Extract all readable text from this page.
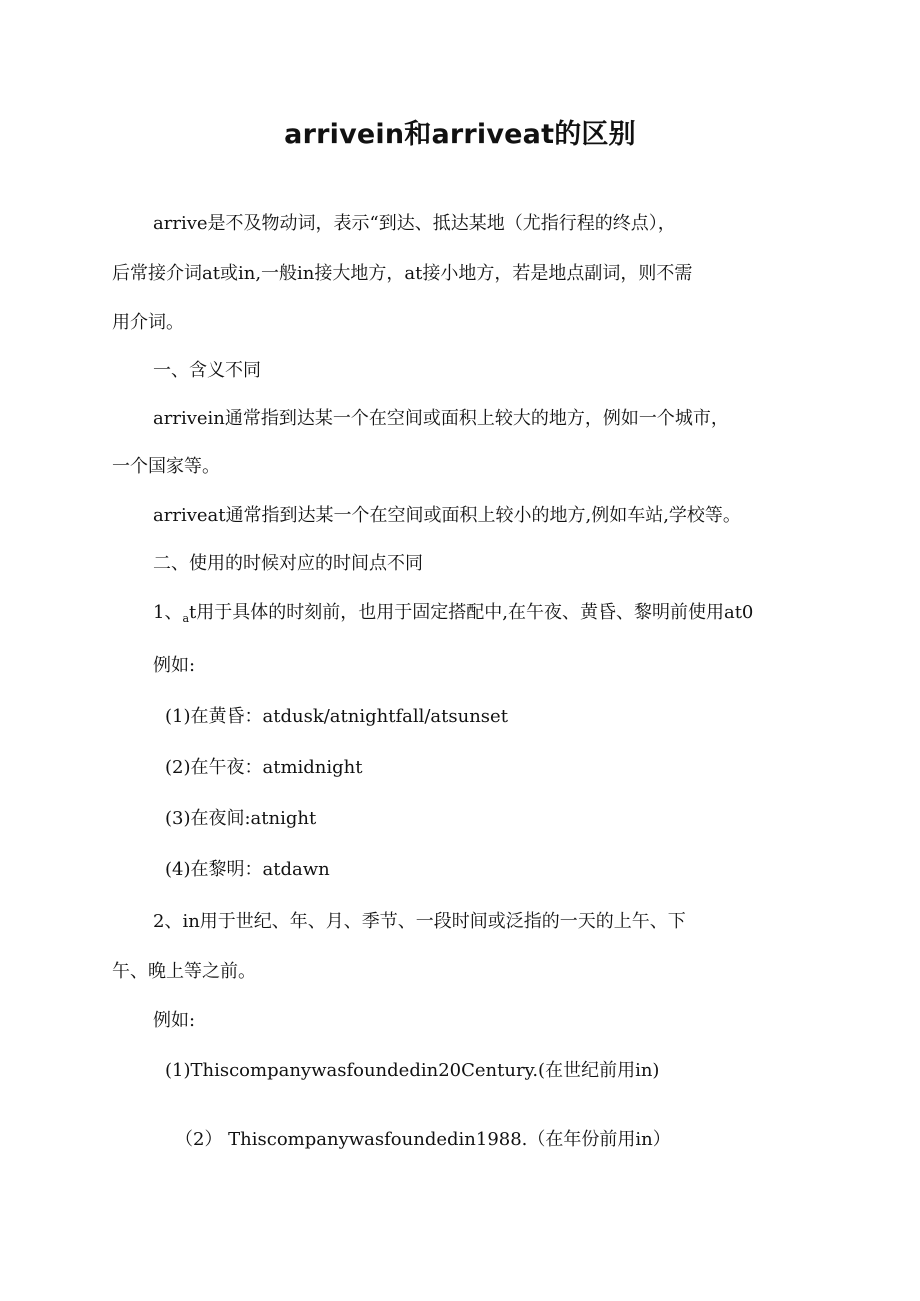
arrivein和arriveat的区别
arrive是不及物动词，表示“到达、抵达某地（尤指行程的终点），
后常接介词at或in,一般in接大地方，at接小地方，若是地点副词，则不需
用介词。
一、含义不同
arrivein通常指到达某一个在空间或面积上较大的地方，例如一个城市，
一个国家等。
arriveat通常指到达某一个在空间或面积上较小的地方,例如车站,学校等。
二、使用的时候对应的时间点不同
1、$_a$t用于具体的时刻前，也用于固定搭配中,在午夜、黄昏、黎明前使用at0
例如:
(1)在黄昏：atdusk/atnightfall/atsunset
(2)在午夜：atmidnight
(3)在夜间:atnight
(4)在黎明：atdawn
2、in用于世纪、年、月、季节、一段时间或泛指的一天的上午、下
午、晚上等之前。
例如:
(1)Thiscompanywasfoundedin20Century.(在世纪前用in)
（2） Thiscompanywasfoundedin1988.（在年份前用in）
